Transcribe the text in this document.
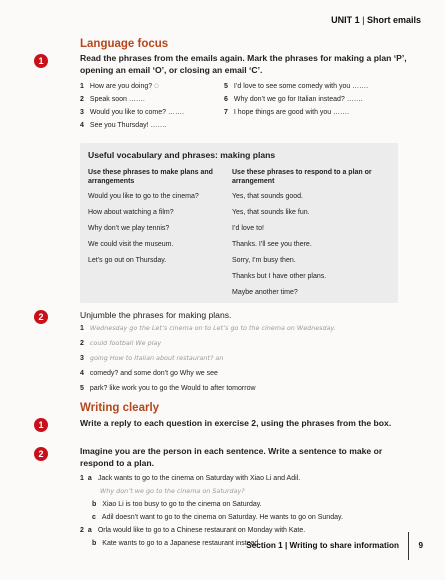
UNIT 1 | Short emails
Language focus
1	Read the phrases from the emails again. Mark the phrases for making a plan ‘P’, opening an email ‘O’, or closing an email ‘C’.
1 How are you doing? O
2 Speak soon …….
3 Would you like to come? …….
4 See you Thursday! …….
5 I’d love to see some comedy with you …….
6 Why don’t we go for Italian instead? …….
7 I hope things are good with you …….
Useful vocabulary and phrases: making plans
Use these phrases to make plans and arrangements
Would you like to go to the cinema?
How about watching a film?
Why don’t we play tennis?
We could visit the museum.
Let’s go out on Thursday.
Use these phrases to respond to a plan or arrangement
Yes, that sounds good.
Yes, that sounds like fun.
I’d love to!
Thanks. I’ll see you there.
Sorry, I’m busy then.
Thanks but I have other plans.
Maybe another time?
2	Unjumble the phrases for making plans.
1 Wednesday go the Let’s cinema on to Let’s go to the cinema on Wednesday.
2 could football We play
3 going How to Italian about restaurant? an
4 comedy? and some don’t go Why we see
5 park? like work you to go the Would to after tomorrow
Writing clearly
1	Write a reply to each question in exercise 2, using the phrases from the box.
2	Imagine you are the person in each sentence. Write a sentence to make or respond to a plan.
1 a Jack wants to go to the cinema on Saturday with Xiao Li and Adil.
Why don’t we go to the cinema on Saturday?
b Xiao Li is too busy to go to the cinema on Saturday.
c Adil doesn’t want to go to the cinema on Saturday. He wants to go on Sunday.
2 a Orla would like to go to a Chinese restaurant on Monday with Kate.
b Kate wants to go to a Japanese restaurant instead.
Section 1 | Writing to share information 9
